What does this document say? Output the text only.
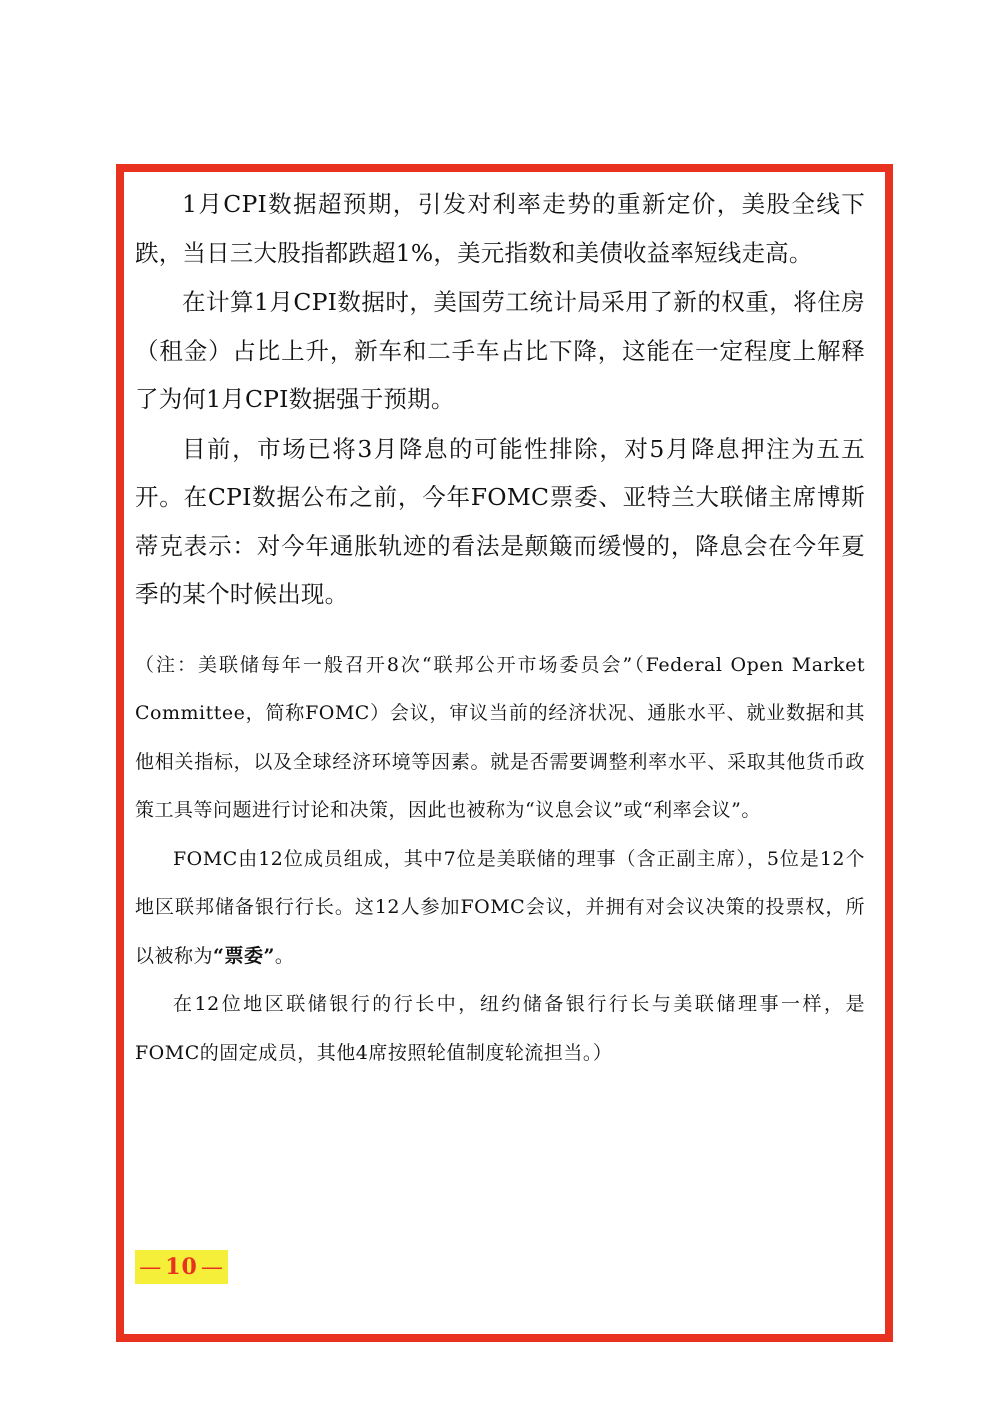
1月CPI数据超预期，引发对利率走势的重新定价，美股全线下跌，当日三大股指都跌超1%，美元指数和美债收益率短线走高。

在计算1月CPI数据时，美国劳工统计局采用了新的权重，将住房（租金）占比上升，新车和二手车占比下降，这能在一定程度上解释了为何1月CPI数据强于预期。

目前，市场已将3月降息的可能性排除，对5月降息押注为五五开。在CPI数据公布之前，今年FOMC票委、亚特兰大联储主席博斯蒂克表示：对今年通胀轨迹的看法是颠簸而缓慢的，降息会在今年夏季的某个时候出现。

（注：美联储每年一般召开8次“联邦公开市场委员会”（Federal Open Market Committee，简称FOMC）会议，审议当前的经济状况、通胀水平、就业数据和其他相关指标，以及全球经济环境等因素。就是否需要调整利率水平、采取其他货币政策工具等问题进行讨论和决策，因此也被称为“议息会议”或“利率会议”。

FOMC由12位成员组成，其中7位是美联储的理事（含正副主席），5位是12个地区联邦储备银行行长。这12人参加FOMC会议，并拥有对会议决策的投票权，所以被称为“票委”。

在12位地区联储银行的行长中，纽约储备银行行长与美联储理事一样，是FOMC的固定成员，其他4席按照轮值制度轮流担当。）

— 10 —
